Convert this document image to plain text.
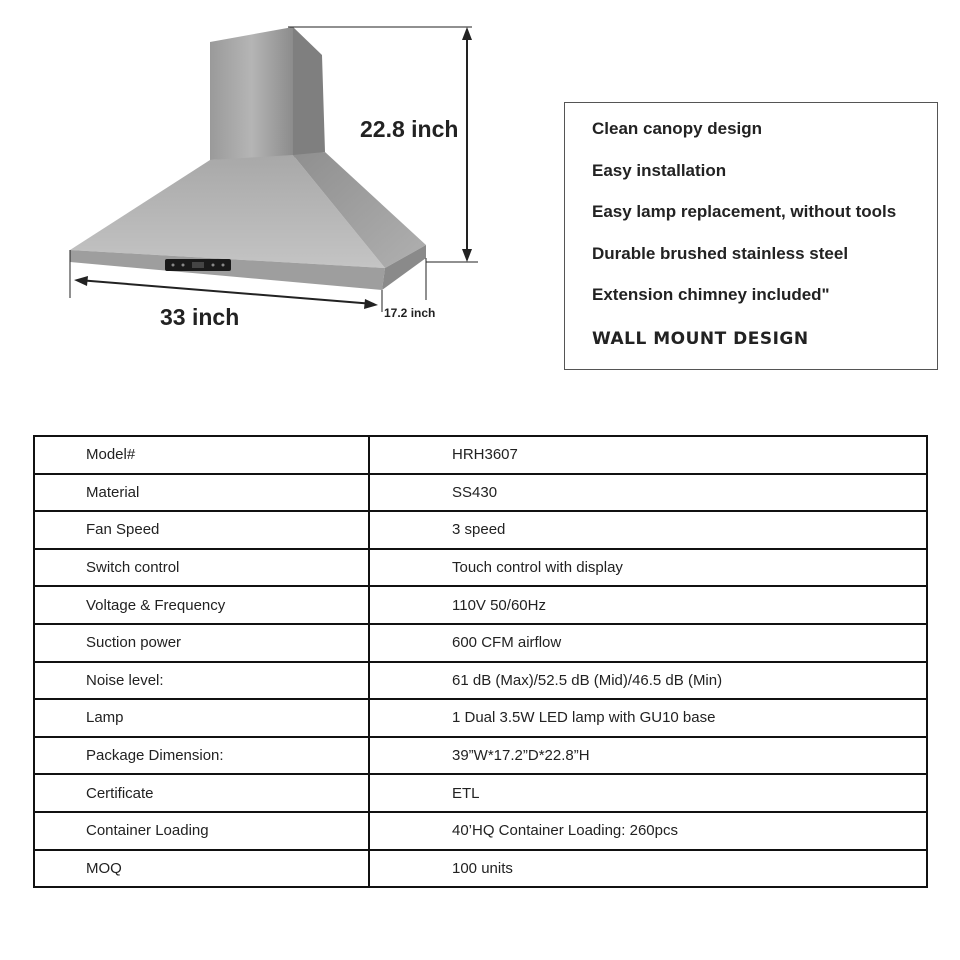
22.8 inch
33 inch	17.2 inch
Clean canopy design
Easy installation
Easy lamp replacement, without tools
Durable brushed stainless steel
Extension chimney included"
WALL MOUNT DESIGN
Model#	HRH3607
Material	SS430
Fan Speed	3 speed
Switch control	Touch control with display
Voltage & Frequency	110V 50/60Hz
Suction power	600 CFM airflow
Noise level:	61 dB (Max)/52.5 dB (Mid)/46.5 dB (Min)
Lamp	1 Dual 3.5W LED lamp with GU10 base
Package Dimension:	39”W*17.2”D*22.8”H
Certificate	ETL
Container Loading	40’HQ Container Loading: 260pcs
MOQ	100 units
